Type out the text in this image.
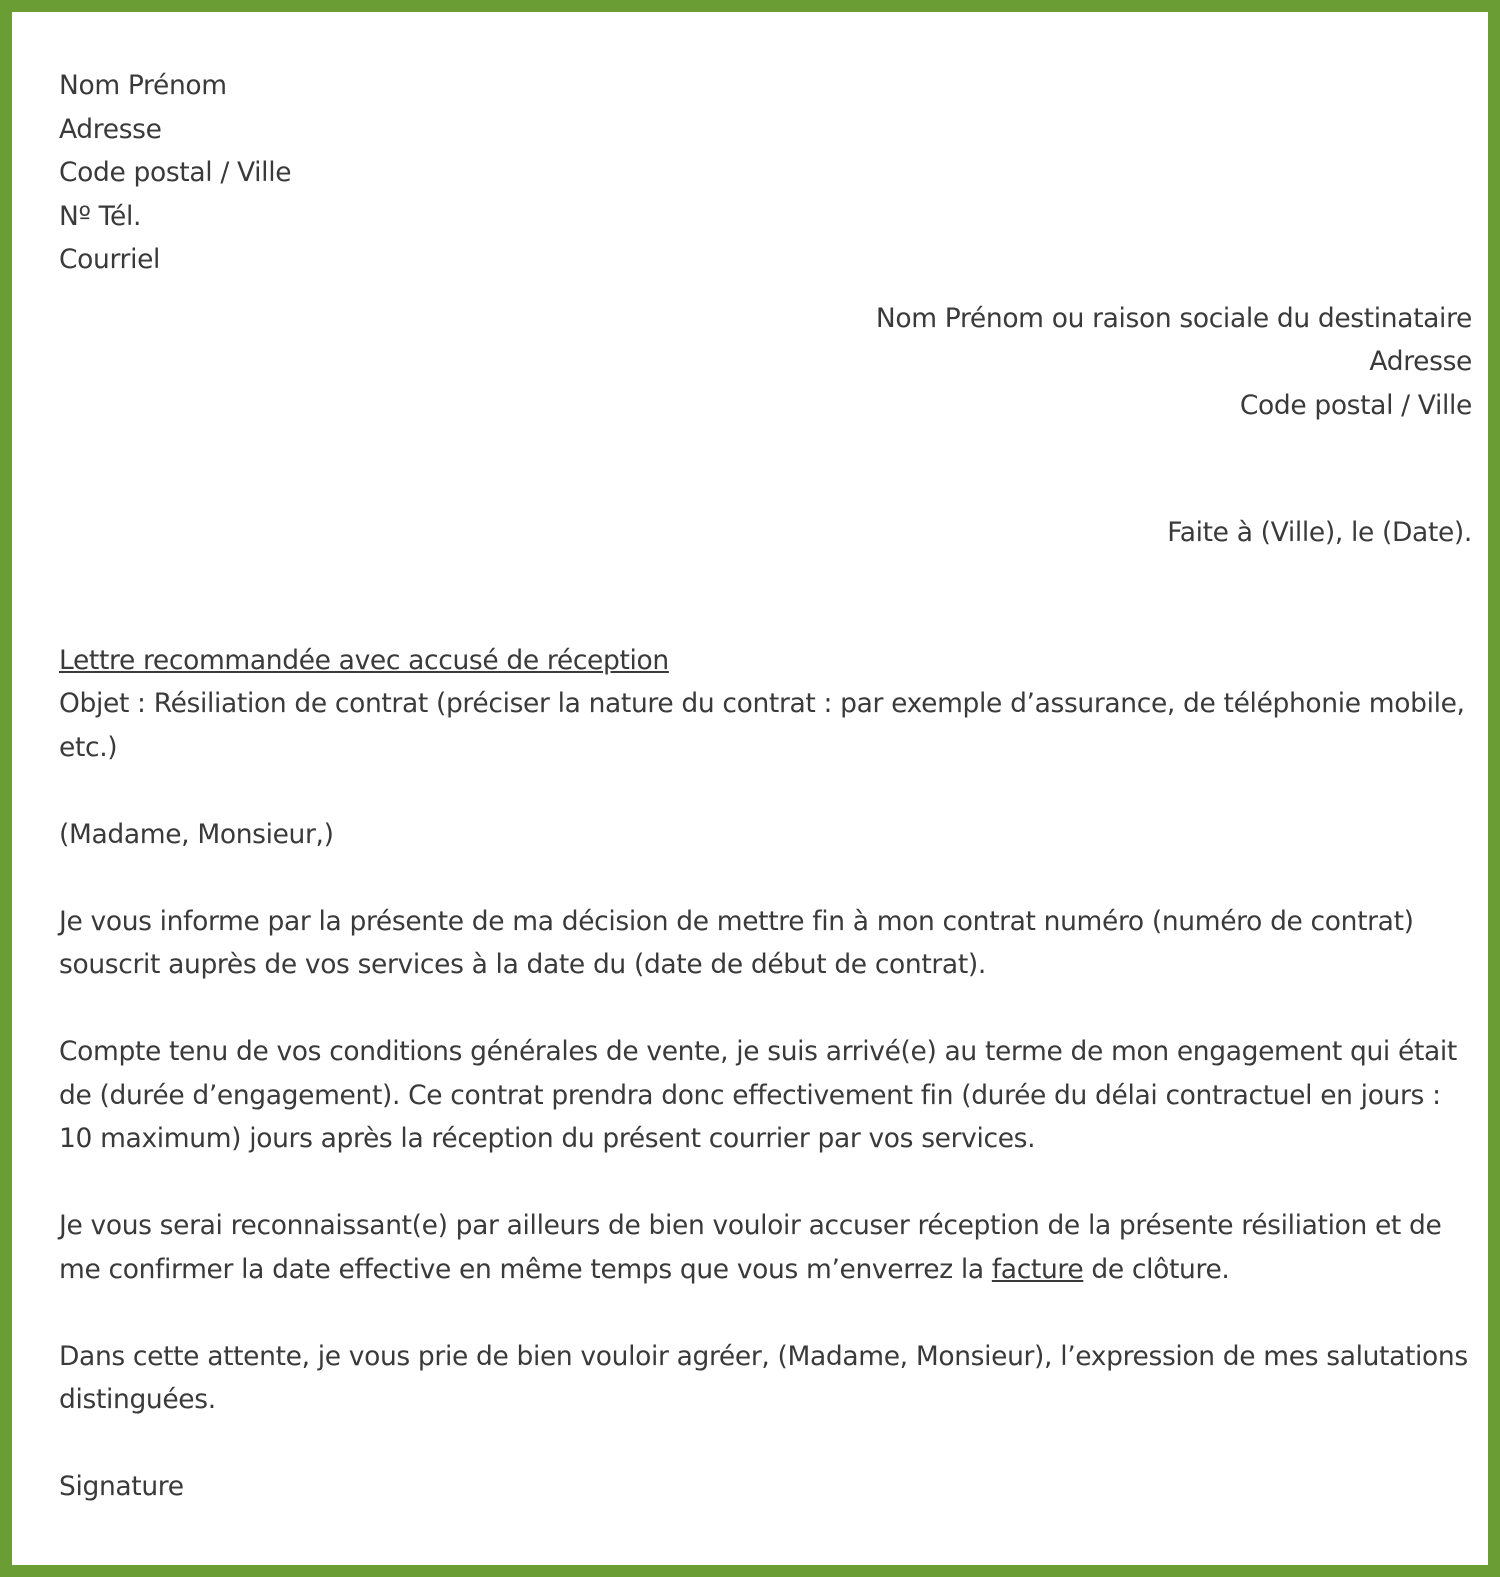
Nom Prénom
Adresse
Code postal / Ville
Nº Tél.
Courriel
Nom Prénom ou raison sociale du destinataire
Adresse
Code postal / Ville
Faite à (Ville), le (Date).
Lettre recommandée avec accusé de réception

Objet : Résiliation de contrat (préciser la nature du contrat : par exemple d’assurance, de téléphonie mobile, etc.)

(Madame, Monsieur,)

Je vous informe par la présente de ma décision de mettre fin à mon contrat numéro (numéro de contrat) souscrit auprès de vos services à la date du (date de début de contrat).

Compte tenu de vos conditions générales de vente, je suis arrivé(e) au terme de mon engagement qui était de (durée d’engagement). Ce contrat prendra donc effectivement fin (durée du délai contractuel en jours : 10 maximum) jours après la réception du présent courrier par vos services.

Je vous serai reconnaissant(e) par ailleurs de bien vouloir accuser réception de la présente résiliation et de me confirmer la date effective en même temps que vous m’enverrez la facture de clôture.

Dans cette attente, je vous prie de bien vouloir agréer, (Madame, Monsieur), l’expression de mes salutations distinguées.

Signature
